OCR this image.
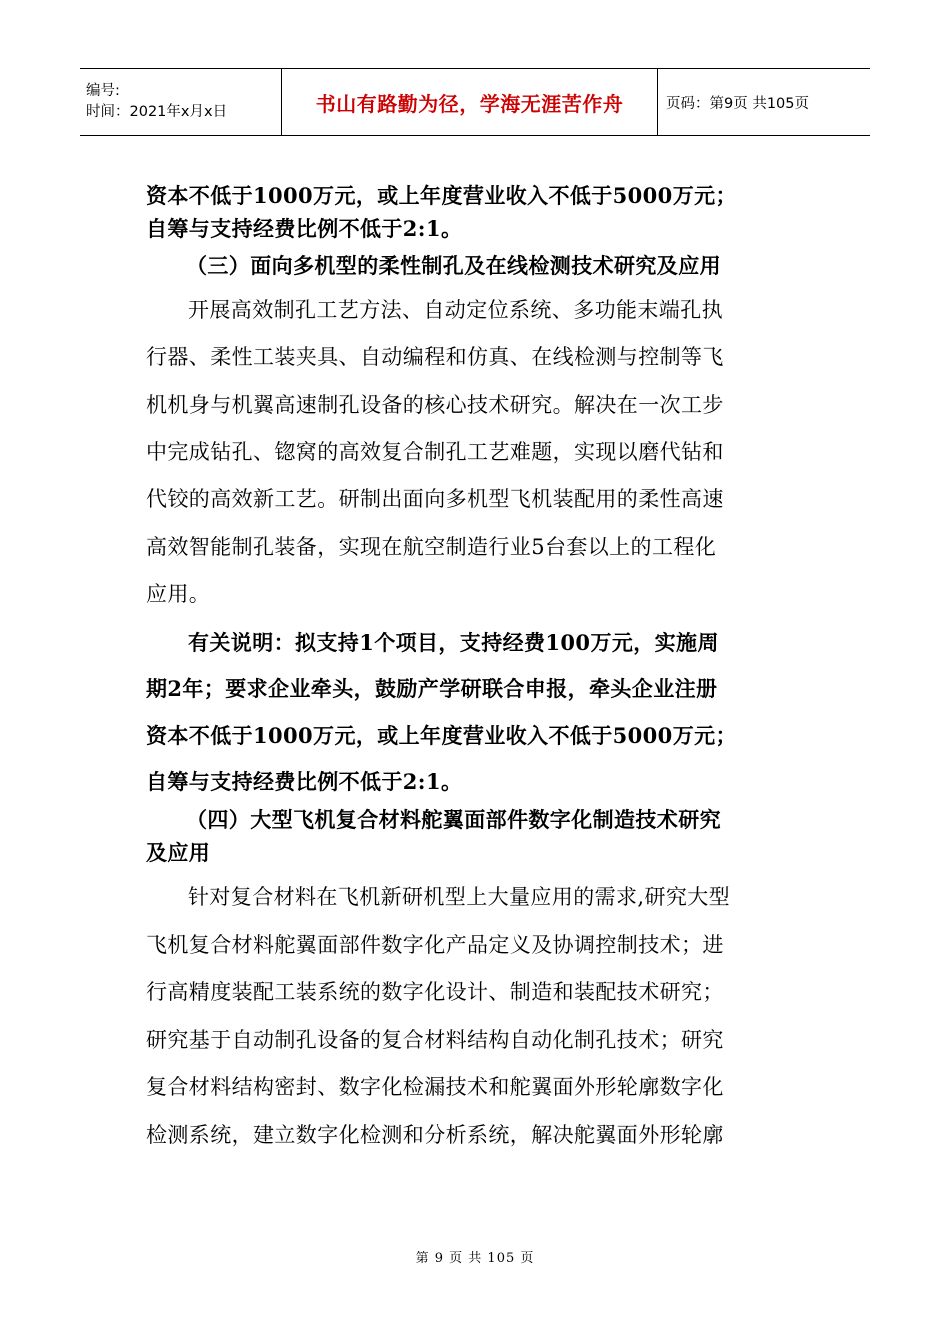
编号:
时间：2021年x月x日	书山有路勤为径，学海无涯苦作舟	页码：第9页 共105页

资本不低于1000万元，或上年度营业收入不低于5000万元；

自筹与支持经费比例不低于2:1。

（三）面向多机型的柔性制孔及在线检测技术研究及应用

开展高效制孔工艺方法、自动定位系统、多功能末端孔执

行器、柔性工装夹具、自动编程和仿真、在线检测与控制等飞

机机身与机翼高速制孔设备的核心技术研究。解决在一次工步

中完成钻孔、锪窝的高效复合制孔工艺难题，实现以磨代钻和

代铰的高效新工艺。研制出面向多机型飞机装配用的柔性高速

高效智能制孔装备，实现在航空制造行业5台套以上的工程化

应用。

有关说明：拟支持1个项目，支持经费100万元，实施周

期2年；要求企业牵头，鼓励产学研联合申报，牵头企业注册

资本不低于1000万元，或上年度营业收入不低于5000万元；

自筹与支持经费比例不低于2:1。

（四）大型飞机复合材料舵翼面部件数字化制造技术研究

及应用

针对复合材料在飞机新研机型上大量应用的需求,研究大型

飞机复合材料舵翼面部件数字化产品定义及协调控制技术；进

行高精度装配工装系统的数字化设计、制造和装配技术研究；

研究基于自动制孔设备的复合材料结构自动化制孔技术；研究

复合材料结构密封、数字化检漏技术和舵翼面外形轮廓数字化

检测系统，建立数字化检测和分析系统，解决舵翼面外形轮廓

第 9 页 共 105 页
